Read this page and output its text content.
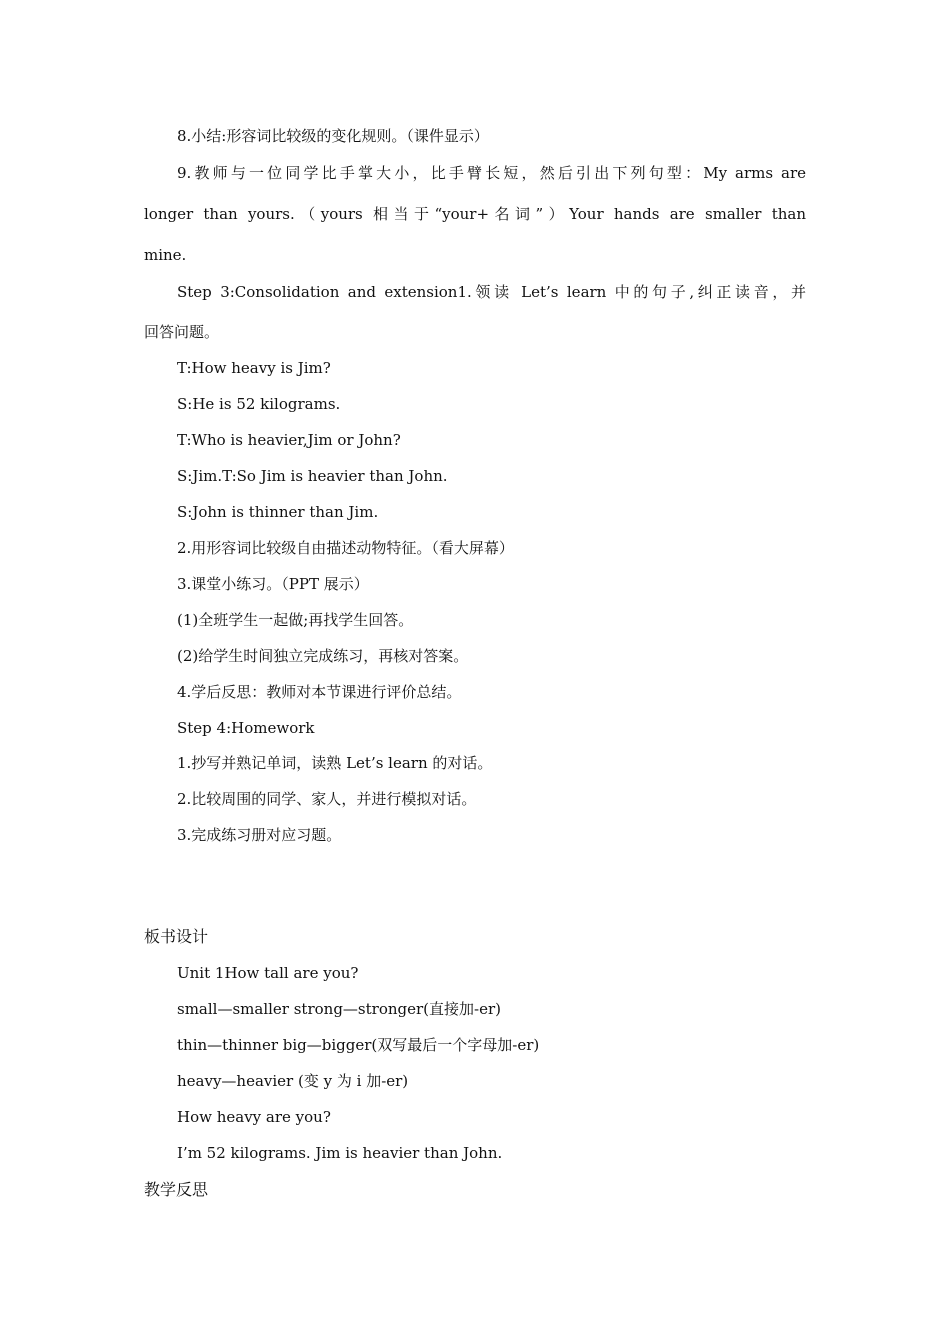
8.小结:形容词比较级的变化规则。（课件显示）
9.教师与一位同学比手掌大小，比手臂长短，然后引出下列句型：My arms are
longer than yours.（yours 相当于“your+名词”）Your hands are smaller than
mine.
Step 3:Consolidation and extension1.领读 Let’s learn 中的句子,纠正读音，并
回答问题。
T:How heavy is Jim?
S:He is 52 kilograms.
T:Who is heavier,Jim or John?
S:Jim.T:So Jim is heavier than John.
S:John is thinner than Jim.
2.用形容词比较级自由描述动物特征。（看大屏幕）
3.课堂小练习。（PPT 展示）
(1)全班学生一起做;再找学生回答。
(2)给学生时间独立完成练习，再核对答案。
4.学后反思：教师对本节课进行评价总结。
Step 4:Homework
1.抄写并熟记单词，读熟 Let’s learn 的对话。
2.比较周围的同学、家人，并进行模拟对话。
3.完成练习册对应习题。
板书设计
Unit 1How tall are you?
small—smaller strong—stronger(直接加-er)
thin—thinner big—bigger(双写最后一个字母加-er)
heavy—heavier (变 y 为 i 加-er)
How heavy are you?
I’m 52 kilograms. Jim is heavier than John.
教学反思
